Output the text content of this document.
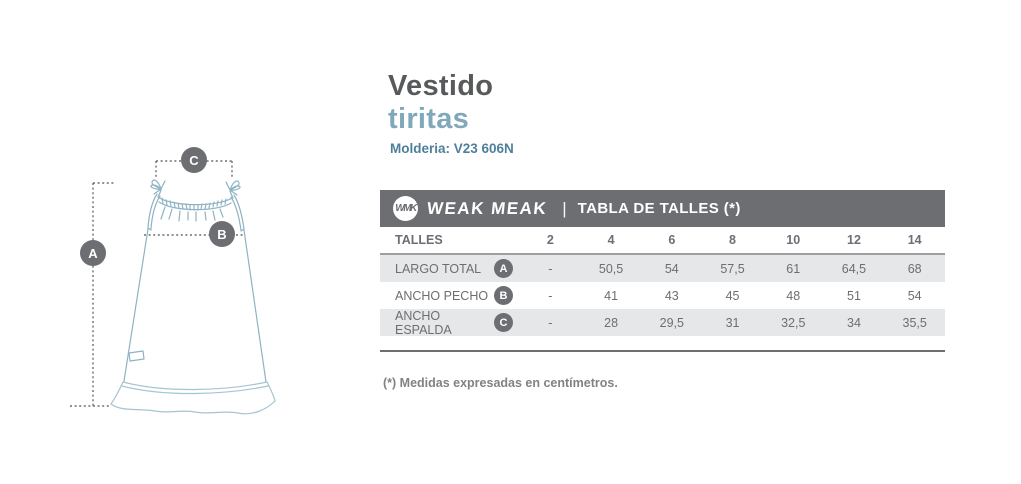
C
A
B
Vestido
tiritas
Molderia: V23 606N
WMK WEAK MEAK | TABLA DE TALLES (*)
TALLES	2	4	6	8	10	12	14
LARGO TOTAL	A	-	50,5	54	57,5	61	64,5	68
ANCHO PECHO	B	-	41	43	45	48	51	54
ANCHO ESPALDA	C	-	28	29,5	31	32,5	34	35,5
(*) Medidas expresadas en centímetros.
